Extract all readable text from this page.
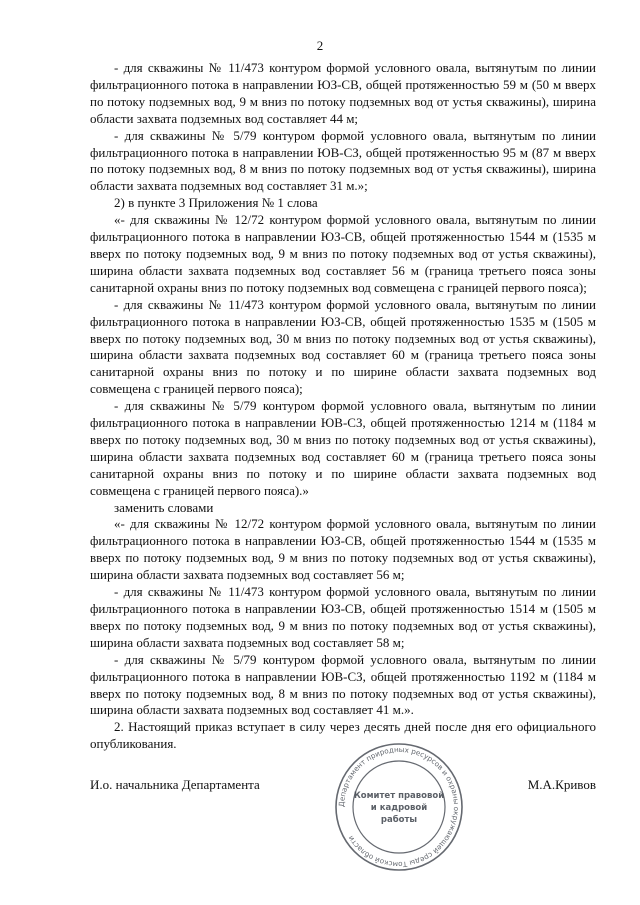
2

- для скважины № 11/473 контуром формой условного овала, вытянутым по линии фильтрационного потока в направлении ЮЗ-СВ, общей протяженностью 59 м (50 м вверх по потоку подземных вод, 9 м вниз по потоку подземных вод от устья скважины), ширина области захвата подземных вод составляет 44 м;

- для скважины № 5/79 контуром формой условного овала, вытянутым по линии фильтрационного потока в направлении ЮВ-СЗ, общей протяженностью 95 м (87 м вверх по потоку подземных вод, 8 м вниз по потоку подземных вод от устья скважины), ширина области захвата подземных вод составляет 31 м.»;

2) в пункте 3 Приложения № 1 слова

«- для скважины № 12/72 контуром формой условного овала, вытянутым по линии фильтрационного потока в направлении ЮЗ-СВ, общей протяженностью 1544 м (1535 м вверх по потоку подземных вод, 9 м вниз по потоку подземных вод от устья скважины), ширина области захвата подземных вод составляет 56 м (граница третьего пояса зоны санитарной охраны вниз по потоку подземных вод совмещена с границей первого пояса);

- для скважины № 11/473 контуром формой условного овала, вытянутым по линии фильтрационного потока в направлении ЮЗ-СВ, общей протяженностью 1535 м (1505 м вверх по потоку подземных вод, 30 м вниз по потоку подземных вод от устья скважины), ширина области захвата подземных вод составляет 60 м (граница третьего пояса зоны санитарной охраны вниз по потоку и по ширине области захвата подземных вод совмещена с границей первого пояса);

- для скважины № 5/79 контуром формой условного овала, вытянутым по линии фильтрационного потока в направлении ЮВ-СЗ, общей протяженностью 1214 м (1184 м вверх по потоку подземных вод, 30 м вниз по потоку подземных вод от устья скважины), ширина области захвата подземных вод составляет 60 м (граница третьего пояса зоны санитарной охраны вниз по потоку и по ширине области захвата подземных вод совмещена с границей первого пояса).»

заменить словами

«- для скважины № 12/72 контуром формой условного овала, вытянутым по линии фильтрационного потока в направлении ЮЗ-СВ, общей протяженностью 1544 м (1535 м вверх по потоку подземных вод, 9 м вниз по потоку подземных вод от устья скважины), ширина области захвата подземных вод составляет 56 м;

- для скважины № 11/473 контуром формой условного овала, вытянутым по линии фильтрационного потока в направлении ЮЗ-СВ, общей протяженностью 1514 м (1505 м вверх по потоку подземных вод, 9 м вниз по потоку подземных вод от устья скважины), ширина области захвата подземных вод составляет 58 м;

- для скважины № 5/79 контуром формой условного овала, вытянутым по линии фильтрационного потока в направлении ЮВ-СЗ, общей протяженностью 1192 м (1184 м вверх по потоку подземных вод, 8 м вниз по потоку подземных вод от устья скважины), ширина области захвата подземных вод составляет 41 м.».

2. Настоящий приказ вступает в силу через десять дней после дня его официального опубликования.

И.о. начальника Департамента	М.А.Кривов
Департамент природных ресурсов и охраны окружающей среды Томской области
Комитет правовой
и кадровой
работы
